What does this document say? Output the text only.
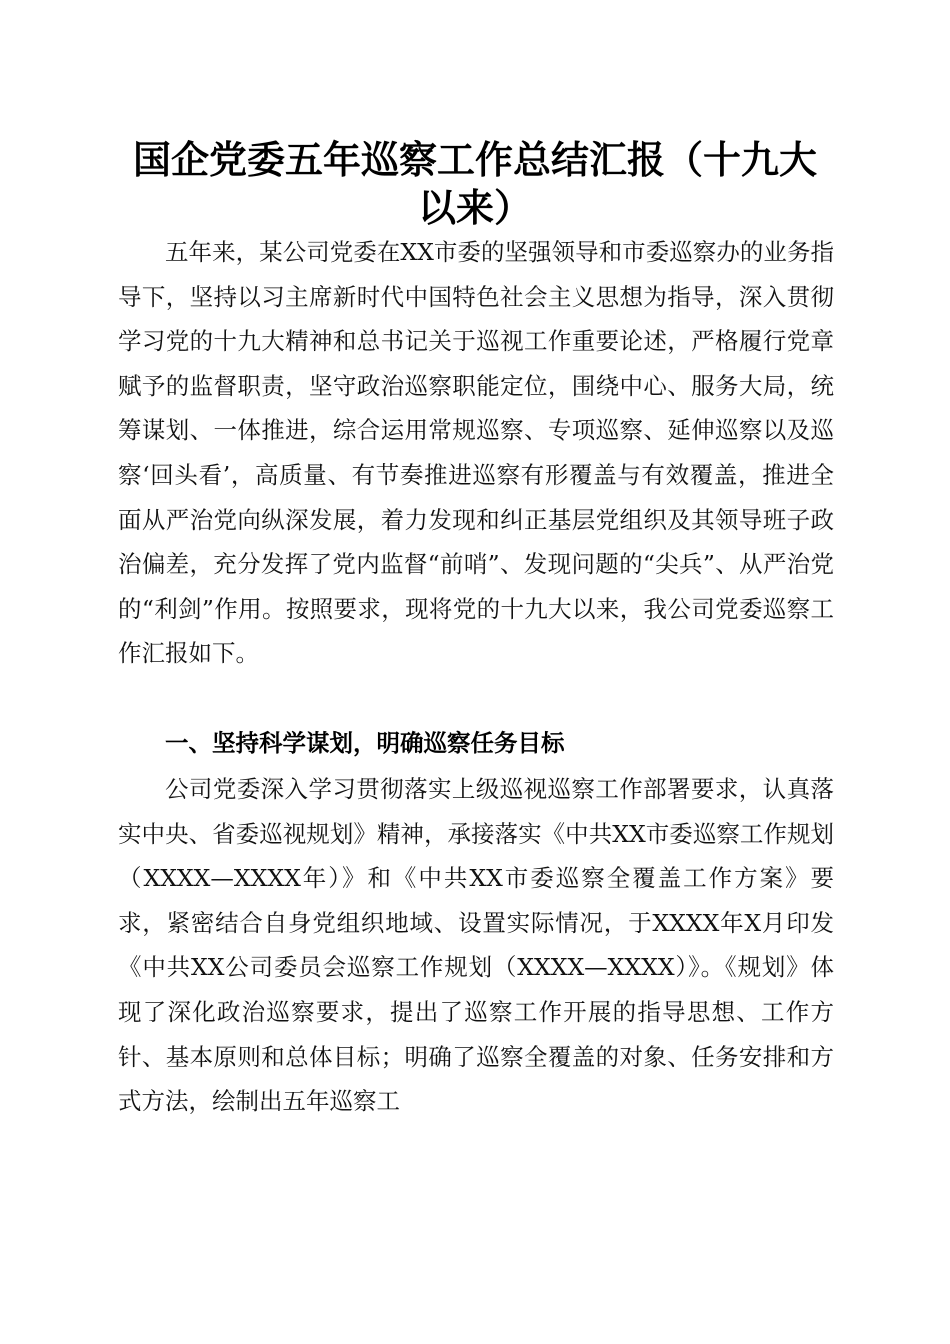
国企党委五年巡察工作总结汇报（十九大以来）

五年来，某公司党委在XX市委的坚强领导和市委巡察办的业务指导下，坚持以习主席新时代中国特色社会主义思想为指导，深入贯彻学习党的十九大精神和总书记关于巡视工作重要论述，严格履行党章赋予的监督职责，坚守政治巡察职能定位，围绕中心、服务大局，统筹谋划、一体推进，综合运用常规巡察、专项巡察、延伸巡察以及巡察‘回头看’，高质量、有节奏推进巡察有形覆盖与有效覆盖，推进全面从严治党向纵深发展，着力发现和纠正基层党组织及其领导班子政治偏差，充分发挥了党内监督“前哨”、发现问题的“尖兵”、从严治党的“利剑”作用。按照要求，现将党的十九大以来，我公司党委巡察工作汇报如下。

一、坚持科学谋划，明确巡察任务目标

公司党委深入学习贯彻落实上级巡视巡察工作部署要求，认真落实中央、省委巡视规划》精神，承接落实《中共XX市委巡察工作规划（XXXX—XXXX年）》和《中共XX市委巡察全覆盖工作方案》要求，紧密结合自身党组织地域、设置实际情况，于XXXX年X月印发《中共XX公司委员会巡察工作规划（XXXX—XXXX）》。《规划》体现了深化政治巡察要求，提出了巡察工作开展的指导思想、工作方针、基本原则和总体目标；明确了巡察全覆盖的对象、任务安排和方式方法，绘制出五年巡察工
